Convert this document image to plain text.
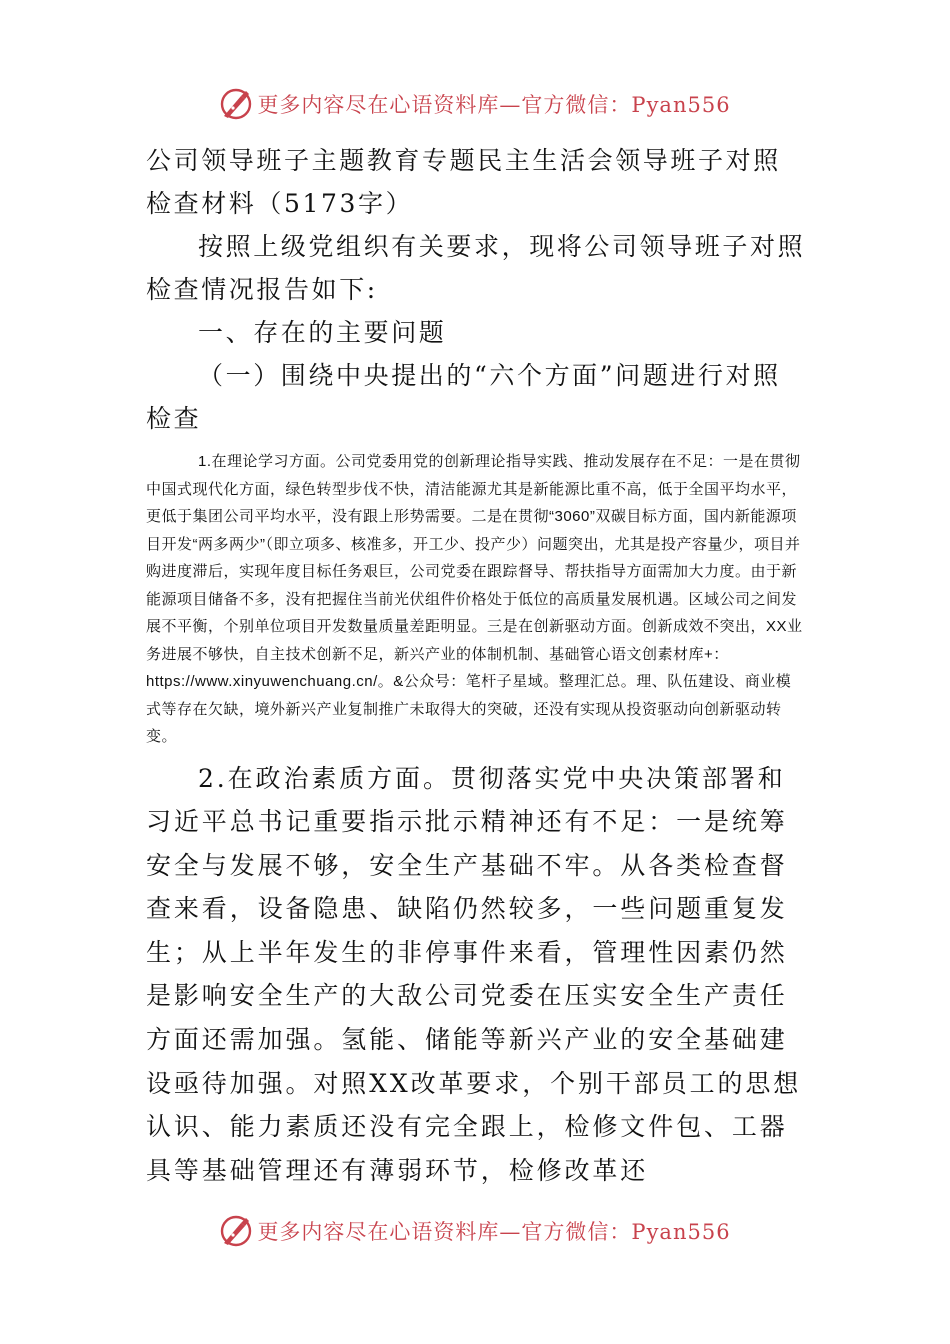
更多内容尽在心语资料库—官方微信：Pyan556

公司领导班子主题教育专题民主生活会领导班子对照检查材料（5173字）

按照上级党组织有关要求，现将公司领导班子对照检查情况报告如下:

一、存在的主要问题

（一）围绕中央提出的“六个方面”问题进行对照检查

1.在理论学习方面。公司党委用党的创新理论指导实践、推动发展存在不足：一是在贯彻中国式现代化方面，绿色转型步伐不快，清洁能源尤其是新能源比重不高，低于全国平均水平，更低于集团公司平均水平，没有跟上形势需要。二是在贯彻“3060”双碳目标方面，国内新能源项目开发“两多两少”（即立项多、核准多，开工少、投产少）问题突出，尤其是投产容量少，项目并购进度滞后，实现年度目标任务艰巨，公司党委在跟踪督导、帮扶指导方面需加大力度。由于新能源项目储备不多，没有把握住当前光伏组件价格处于低位的高质量发展机遇。区域公司之间发展不平衡，个别单位项目开发数量质量差距明显。三是在创新驱动方面。创新成效不突出，XX业务进展不够快，自主技术创新不足，新兴产业的体制机制、基础管心语文创素材库+：https://www.xinyuwenchuang.cn/。&公众号：笔杆子星域。整理汇总。理、队伍建设、商业模式等存在欠缺，境外新兴产业复制推广未取得大的突破，还没有实现从投资驱动向创新驱动转变。

2.在政治素质方面。贯彻落实党中央决策部署和习近平总书记重要指示批示精神还有不足：一是统筹安全与发展不够，安全生产基础不牢。从各类检查督查来看，设备隐患、缺陷仍然较多，一些问题重复发生；从上半年发生的非停事件来看，管理性因素仍然是影响安全生产的大敌公司党委在压实安全生产责任方面还需加强。氢能、储能等新兴产业的安全基础建设亟待加强。对照XX改革要求，个别干部员工的思想认识、能力素质还没有完全跟上，检修文件包、工器具等基础管理还有薄弱环节，检修改革还

更多内容尽在心语资料库—官方微信：Pyan556
